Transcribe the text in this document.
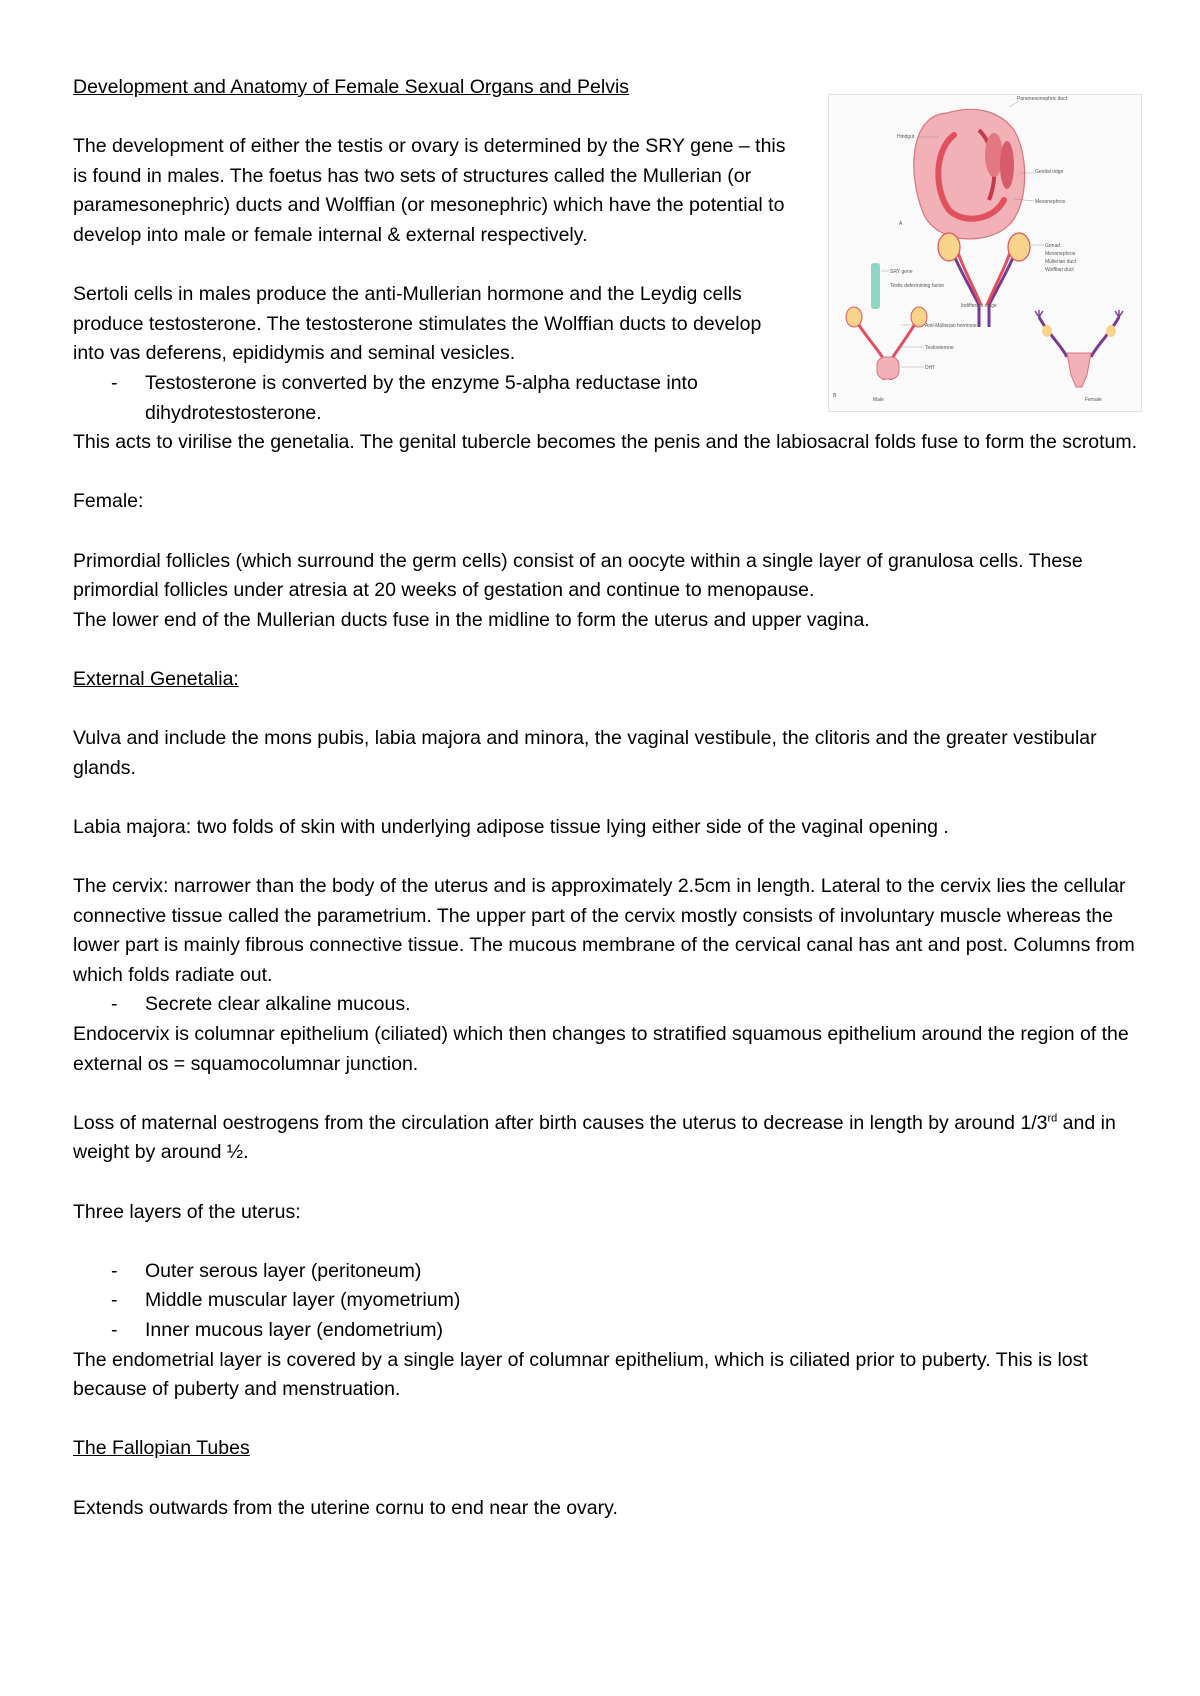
Paramesonephric duct
Hindgut
Genital ridge
Mesonephros
A
SRY gene
Testis determining factor
Gonad
Mesonephros
Müllerian duct
Wolffian duct
Indifferent stage
Anti-Müllerian hormone
Testosterone
DHT
B
Male	Female
Development and Anatomy of Female Sexual Organs and Pelvis
The development of either the testis or ovary is determined by the SRY gene – this is found in males. The foetus has two sets of structures called the Mullerian (or paramesonephric) ducts and Wolffian (or mesonephric) which have the potential to develop into male or female internal & external respectively.
Sertoli cells in males produce the anti-Mullerian hormone and the Leydig cells produce testosterone. The testosterone stimulates the Wolffian ducts to develop into vas deferens, epididymis and seminal vesicles.
- Testosterone is converted by the enzyme 5-alpha reductase into dihydrotestosterone.
This acts to virilise the genetalia. The genital tubercle becomes the penis and the labiosacral folds fuse to form the scrotum.
Female:
Primordial follicles (which surround the germ cells) consist of an oocyte within a single layer of granulosa cells. These primordial follicles under atresia at 20 weeks of gestation and continue to menopause.
The lower end of the Mullerian ducts fuse in the midline to form the uterus and upper vagina.
External Genetalia:
Vulva and include the mons pubis, labia majora and minora, the vaginal vestibule, the clitoris and the greater vestibular glands.
Labia majora: two folds of skin with underlying adipose tissue lying either side of the vaginal opening .
The cervix: narrower than the body of the uterus and is approximately 2.5cm in length. Lateral to the cervix lies the cellular connective tissue called the parametrium. The upper part of the cervix mostly consists of involuntary muscle whereas the lower part is mainly fibrous connective tissue. The mucous membrane of the cervical canal has ant and post. Columns from which folds radiate out.
- Secrete clear alkaline mucous.
Endocervix is columnar epithelium (ciliated) which then changes to stratified squamous epithelium around the region of the external os = squamocolumnar junction.
Loss of maternal oestrogens from the circulation after birth causes the uterus to decrease in length by around 1/3rd and in weight by around ½.
Three layers of the uterus:
- Outer serous layer (peritoneum)
- Middle muscular layer (myometrium)
- Inner mucous layer (endometrium)
The endometrial layer is covered by a single layer of columnar epithelium, which is ciliated prior to puberty. This is lost because of puberty and menstruation.
The Fallopian Tubes
Extends outwards from the uterine cornu to end near the ovary.
